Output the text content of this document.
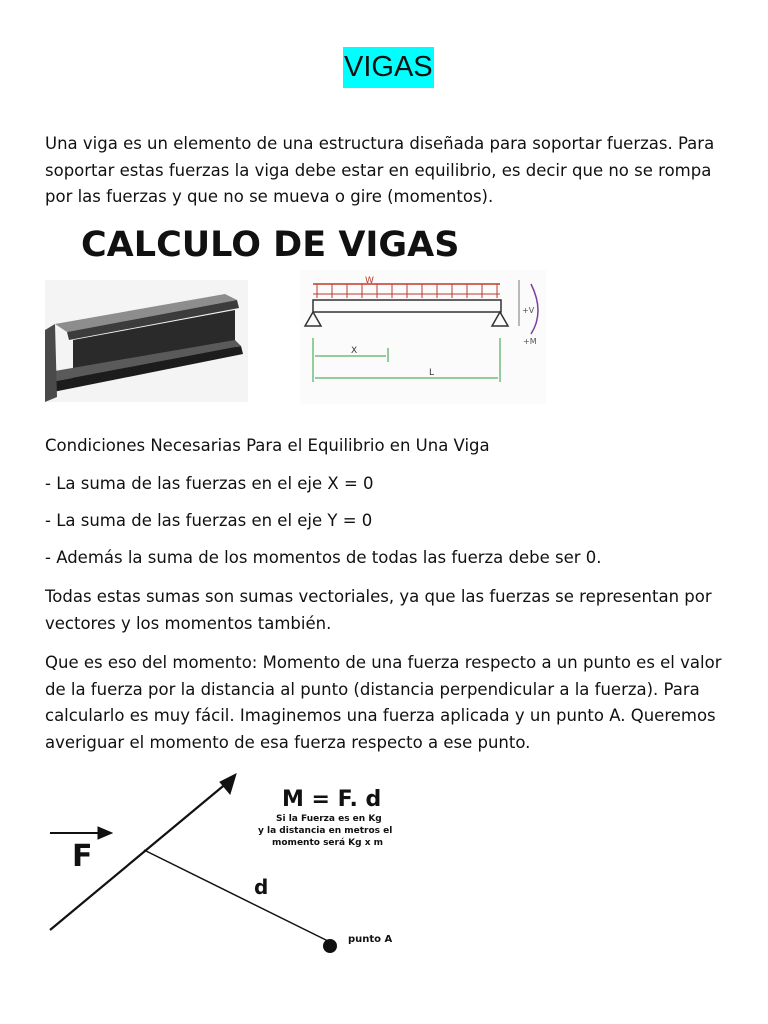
VIGAS

Una viga es un elemento de una estructura diseñada para soportar fuerzas. Para soportar estas fuerzas la viga debe estar en equilibrio, es decir que no se rompa por las fuerzas y que no se mueva o gire (momentos).

CALCULO DE VIGAS
W
+V
+M
X
L
Condiciones Necesarias Para el Equilibrio en Una Viga
- La suma de las fuerzas en el eje X = 0
- La suma de las fuerzas en el eje Y = 0
- Además la suma de los momentos de todas las fuerza debe ser 0.

Todas estas sumas son sumas vectoriales, ya que las fuerzas se representan por vectores y los momentos también.

Que es eso del momento: Momento de una fuerza respecto a un punto es el valor de la fuerza por la distancia al punto (distancia perpendicular a la fuerza). Para calcularlo es muy fácil. Imaginemos una fuerza aplicada y un punto A. Queremos averiguar el momento de esa fuerza respecto a ese punto.

M = F. d
Si la Fuerza es en Kg
y la distancia en metros el
momento será Kg x m
F
d
punto A
